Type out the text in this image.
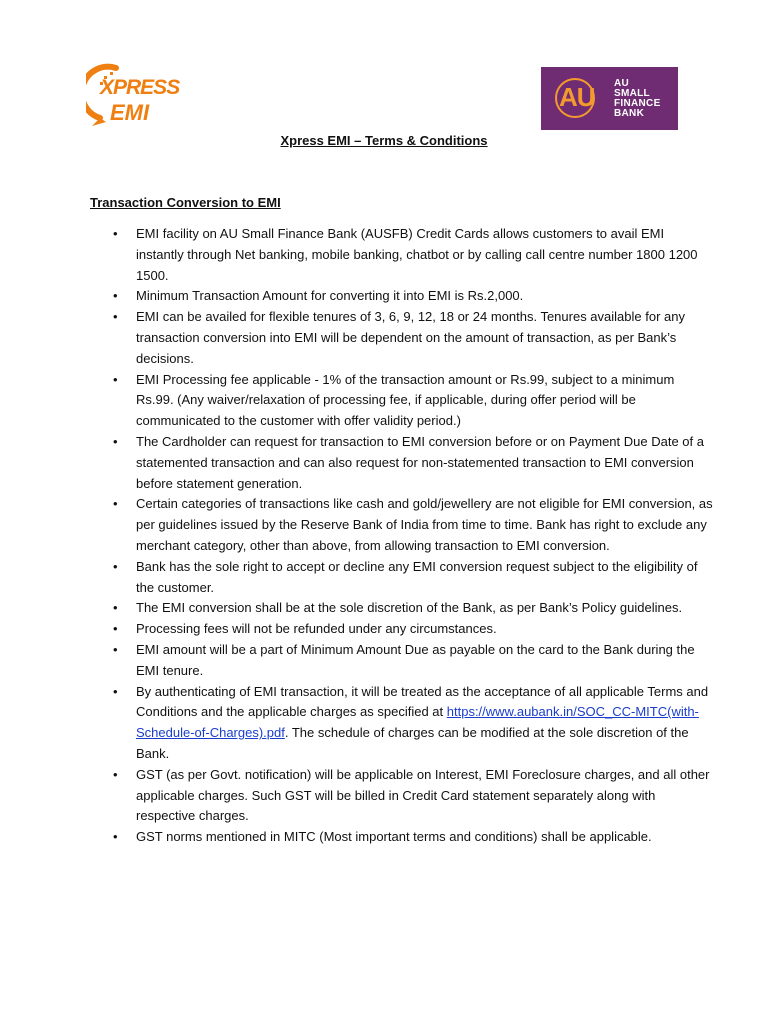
XPRESS
EMI
AU AU
SMALL
FINANCE
BANK
Xpress EMI – Terms & Conditions
Transaction Conversion to EMI
• EMI facility on AU Small Finance Bank (AUSFB) Credit Cards allows customers to avail EMI instantly through Net banking, mobile banking, chatbot or by calling call centre number 1800 1200 1500.
• Minimum Transaction Amount for converting it into EMI is Rs.2,000.
• EMI can be availed for flexible tenures of 3, 6, 9, 12, 18 or 24 months. Tenures available for any transaction conversion into EMI will be dependent on the amount of transaction, as per Bank’s decisions.
• EMI Processing fee applicable - 1% of the transaction amount or Rs.99, subject to a minimum Rs.99. (Any waiver/relaxation of processing fee, if applicable, during offer period will be communicated to the customer with offer validity period.)
• The Cardholder can request for transaction to EMI conversion before or on Payment Due Date of a statemented transaction and can also request for non-statemented transaction to EMI conversion before statement generation.
• Certain categories of transactions like cash and gold/jewellery are not eligible for EMI conversion, as per guidelines issued by the Reserve Bank of India from time to time. Bank has right to exclude any merchant category, other than above, from allowing transaction to EMI conversion.
• Bank has the sole right to accept or decline any EMI conversion request subject to the eligibility of the customer.
• The EMI conversion shall be at the sole discretion of the Bank, as per Bank’s Policy guidelines.
• Processing fees will not be refunded under any circumstances.
• EMI amount will be a part of Minimum Amount Due as payable on the card to the Bank during the EMI tenure.
• By authenticating of EMI transaction, it will be treated as the acceptance of all applicable Terms and Conditions and the applicable charges as specified at https://www.aubank.in/SOC_CC-MITC(with-Schedule-of-Charges).pdf. The schedule of charges can be modified at the sole discretion of the Bank.
• GST (as per Govt. notification) will be applicable on Interest, EMI Foreclosure charges, and all other applicable charges. Such GST will be billed in Credit Card statement separately along with respective charges.
• GST norms mentioned in MITC (Most important terms and conditions) shall be applicable.
